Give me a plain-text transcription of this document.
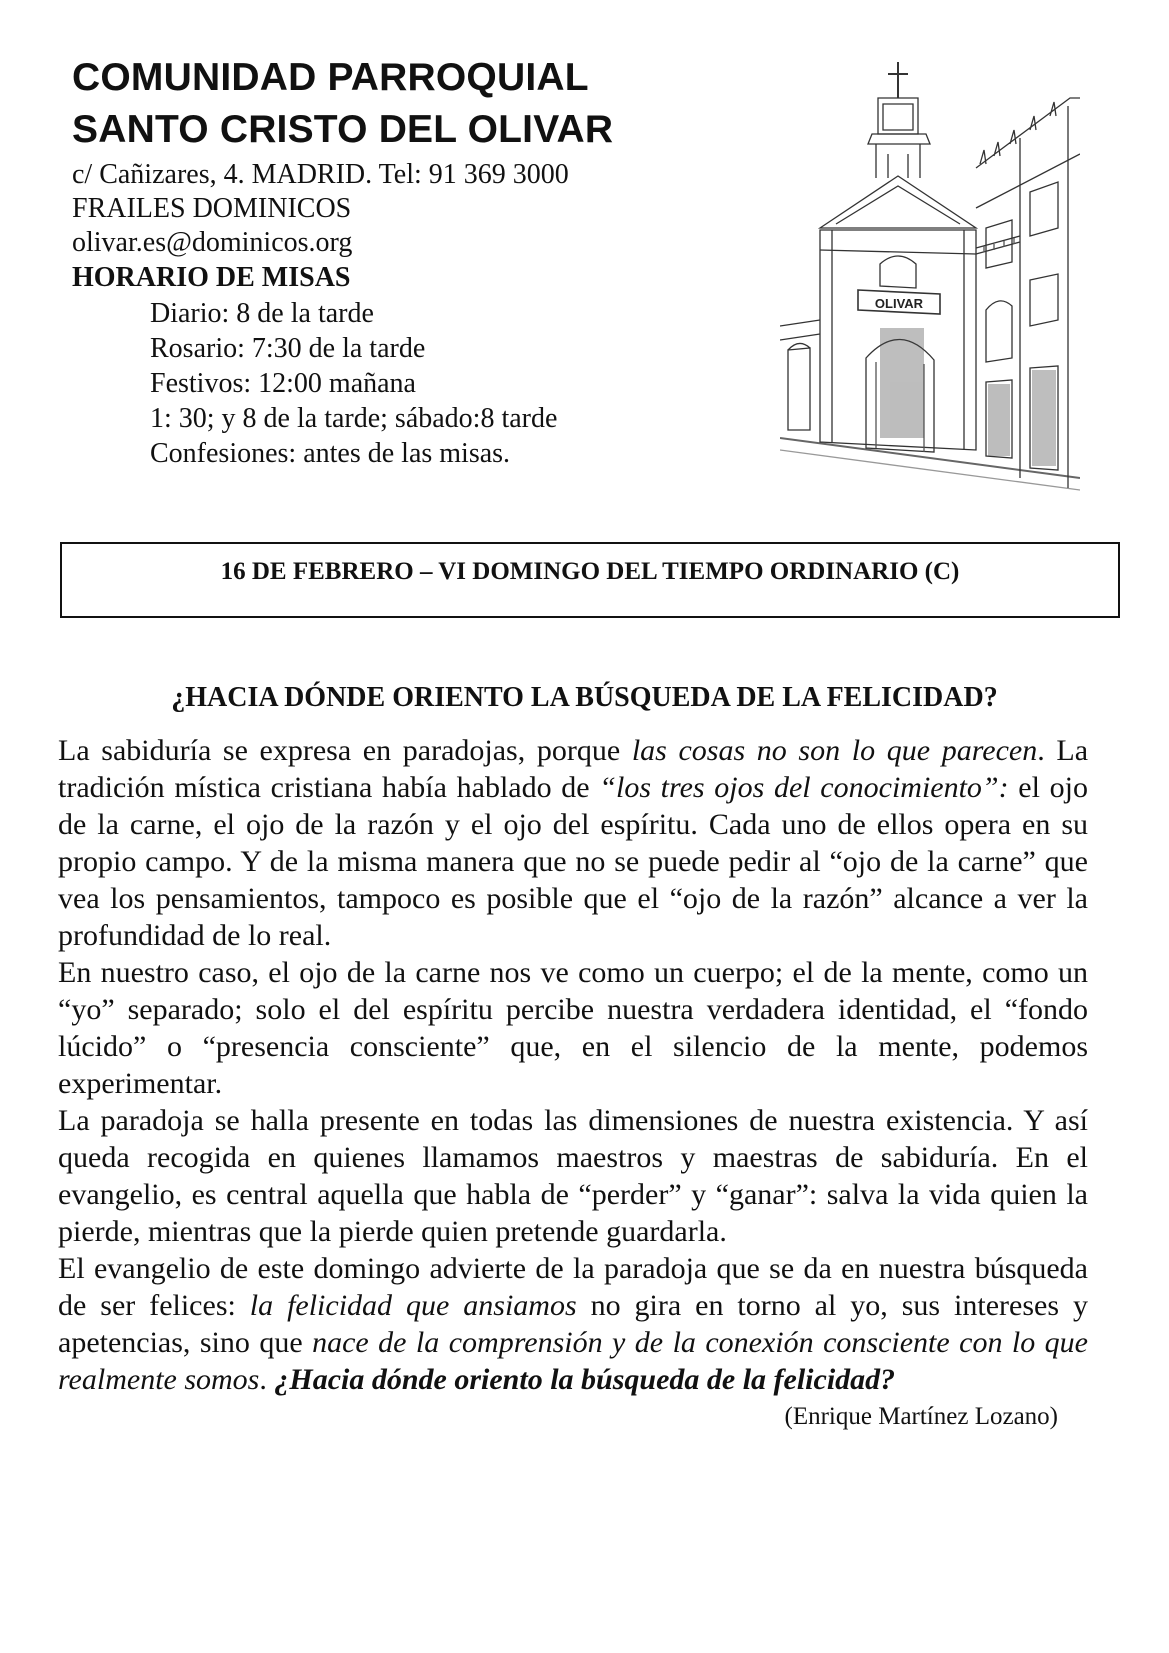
COMUNIDAD PARROQUIAL
SANTO CRISTO DEL OLIVAR
c/ Cañizares, 4. MADRID. Tel: 91 369 3000
FRAILES DOMINICOS
olivar.es@dominicos.org
HORARIO DE MISAS
Diario: 8 de la tarde
Rosario: 7:30 de la tarde
Festivos: 12:00 mañana
1: 30; y 8 de la tarde; sábado:8 tarde
Confesiones: antes de las misas.
OLIVAR
16 DE FEBRERO – VI DOMINGO DEL TIEMPO ORDINARIO (C)
¿HACIA DÓNDE ORIENTO LA BÚSQUEDA DE LA FELICIDAD?

La sabiduría se expresa en paradojas, porque las cosas no son lo que parecen. La tradición mística cristiana había hablado de “los tres ojos del conocimiento”: el ojo de la carne, el ojo de la razón y el ojo del espíritu. Cada uno de ellos opera en su propio campo. Y de la misma manera que no se puede pedir al “ojo de la carne” que vea los pensamientos, tampoco es posible que el “ojo de la razón” alcance a ver la profundidad de lo real.

En nuestro caso, el ojo de la carne nos ve como un cuerpo; el de la mente, como un “yo” separado; solo el del espíritu percibe nuestra verdadera identidad, el “fondo lúcido” o “presencia consciente” que, en el silencio de la mente, podemos experimentar.

La paradoja se halla presente en todas las dimensiones de nuestra existencia. Y así queda recogida en quienes llamamos maestros y maestras de sabiduría. En el evangelio, es central aquella que habla de “perder” y “ganar”: salva la vida quien la pierde, mientras que la pierde quien pretende guardarla.

El evangelio de este domingo advierte de la paradoja que se da en nuestra búsqueda de ser felices: la felicidad que ansiamos no gira en torno al yo, sus intereses y apetencias, sino que nace de la comprensión y de la conexión consciente con lo que realmente somos. ¿Hacia dónde oriento la búsqueda de la felicidad?
(Enrique Martínez Lozano)
